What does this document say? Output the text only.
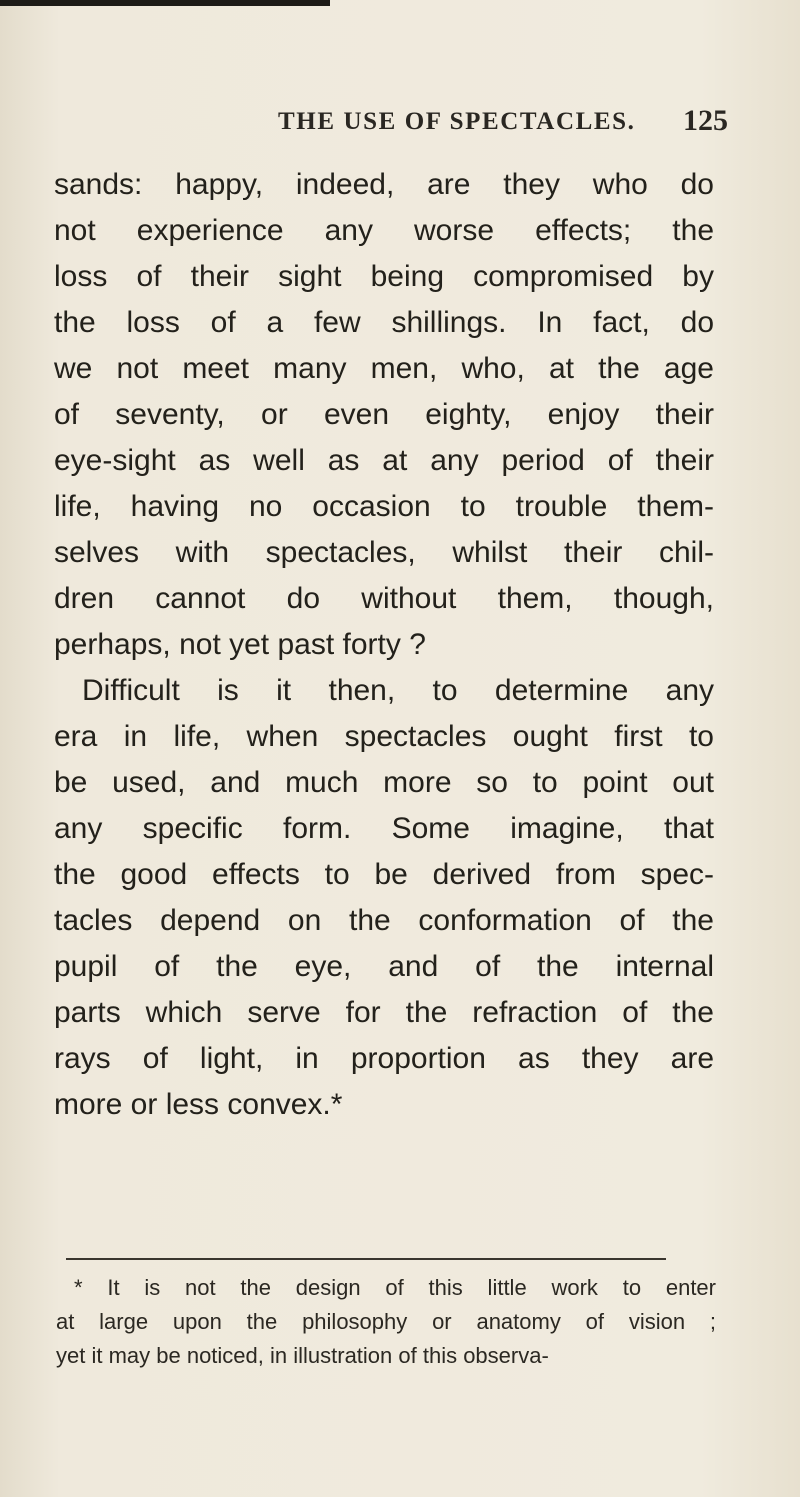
THE USE OF SPECTACLES. 125
sands: happy, indeed, are they who do
not experience any worse effects; the
loss of their sight being compromised by
the loss of a few shillings. In fact, do
we not meet many men, who, at the age
of seventy, or even eighty, enjoy their
eye-sight as well as at any period of their
life, having no occasion to trouble them-
selves with spectacles, whilst their chil-
dren cannot do without them, though,
perhaps, not yet past forty ?
Difficult is it then, to determine any
era in life, when spectacles ought first to
be used, and much more so to point out
any specific form. Some imagine, that
the good effects to be derived from spec-
tacles depend on the conformation of the
pupil of the eye, and of the internal
parts which serve for the refraction of the
rays of light, in proportion as they are
more or less convex.*
* It is not the design of this little work to enter
at large upon the philosophy or anatomy of vision ;
yet it may be noticed, in illustration of this observa-
